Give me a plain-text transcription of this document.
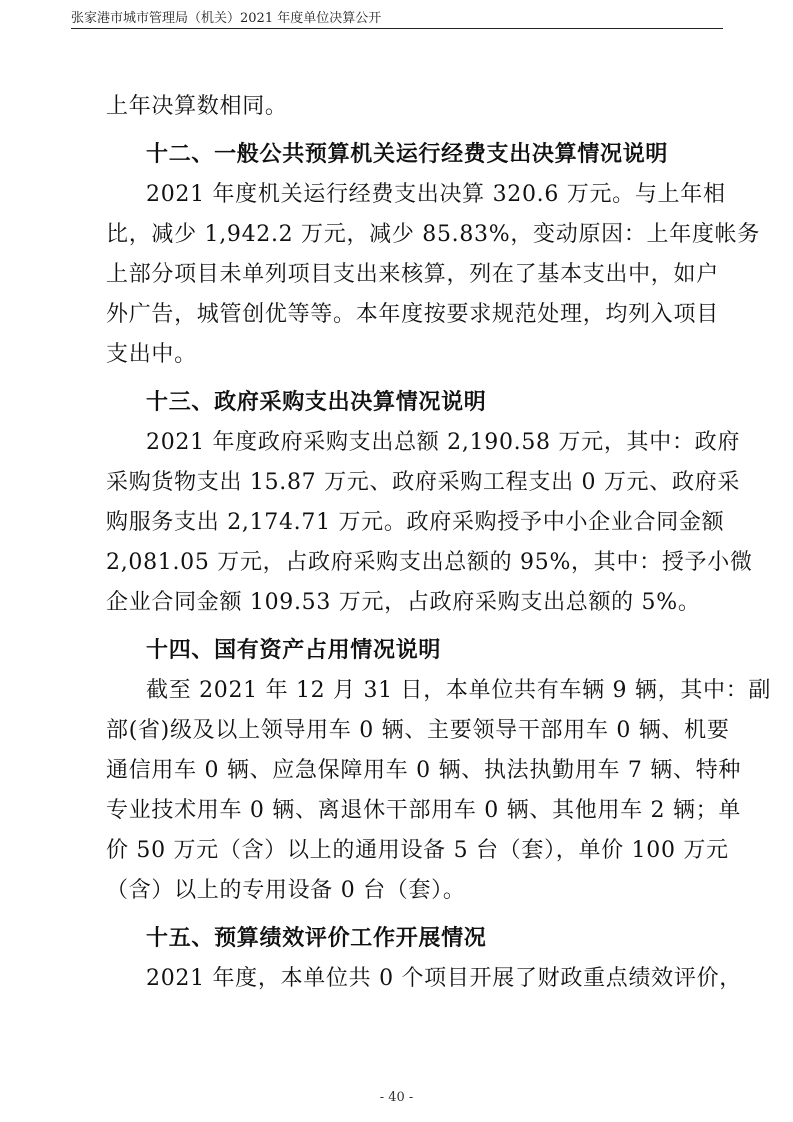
张家港市城市管理局（机关）2021 年度单位决算公开
上年决算数相同。
十二、一般公共预算机关运行经费支出决算情况说明
2021 年度机关运行经费支出决算 320.6 万元。与上年相
比，减少 1,942.2 万元，减少 85.83%，变动原因：上年度帐务
上部分项目未单列项目支出来核算，列在了基本支出中，如户
外广告，城管创优等等。本年度按要求规范处理，均列入项目
支出中。
十三、政府采购支出决算情况说明
2021 年度政府采购支出总额 2,190.58 万元，其中：政府
采购货物支出 15.87 万元、政府采购工程支出 0 万元、政府采
购服务支出 2,174.71 万元。政府采购授予中小企业合同金额
2,081.05 万元，占政府采购支出总额的 95%，其中：授予小微
企业合同金额 109.53 万元，占政府采购支出总额的 5%。
十四、国有资产占用情况说明
截至 2021 年 12 月 31 日，本单位共有车辆 9 辆，其中：副
部(省)级及以上领导用车 0 辆、主要领导干部用车 0 辆、机要
通信用车 0 辆、应急保障用车 0 辆、执法执勤用车 7 辆、特种
专业技术用车 0 辆、离退休干部用车 0 辆、其他用车 2 辆；单
价 50 万元（含）以上的通用设备 5 台（套），单价 100 万元
（含）以上的专用设备 0 台（套）。
十五、预算绩效评价工作开展情况
2021 年度，本单位共 0 个项目开展了财政重点绩效评价，
- 40 -
